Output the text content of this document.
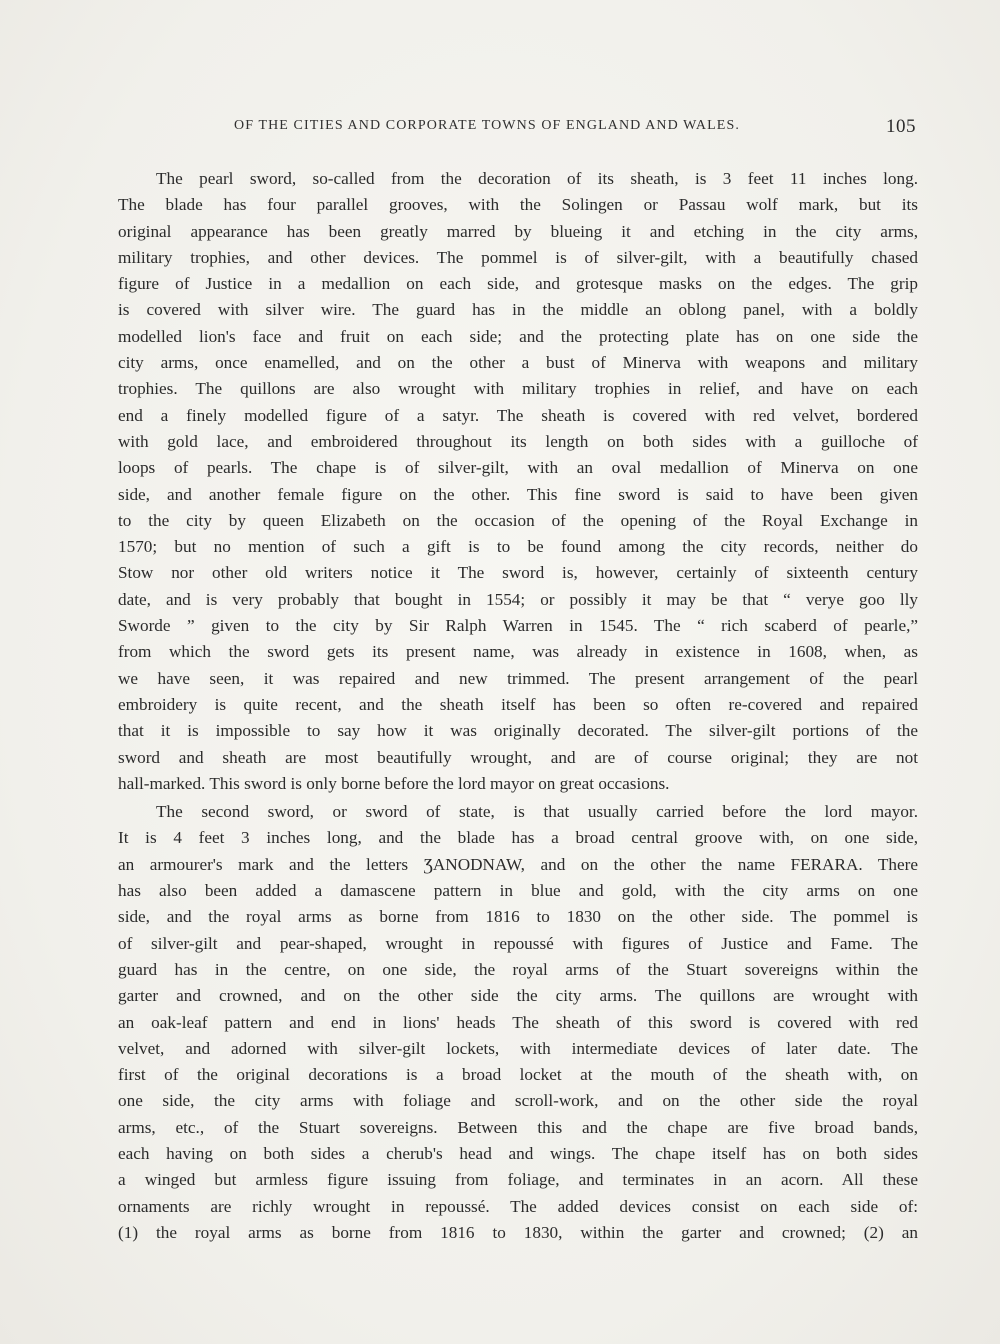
OF THE CITIES AND CORPORATE TOWNS OF ENGLAND AND WALES.	105
The pearl sword, so-called from the decoration of its sheath, is 3 feet 11 inches long.
The blade has four parallel grooves, with the Solingen or Passau wolf mark, but its
original appearance has been greatly marred by blueing it and etching in the city arms,
military trophies, and other devices. The pommel is of silver-gilt, with a beautifully chased
figure of Justice in a medallion on each side, and grotesque masks on the edges. The grip
is covered with silver wire. The guard has in the middle an oblong panel, with a boldly
modelled lion's face and fruit on each side; and the protecting plate has on one side the
city arms, once enamelled, and on the other a bust of Minerva with weapons and military
trophies. The quillons are also wrought with military trophies in relief, and have on each
end a finely modelled figure of a satyr. The sheath is covered with red velvet, bordered
with gold lace, and embroidered throughout its length on both sides with a guilloche of
loops of pearls. The chape is of silver-gilt, with an oval medallion of Minerva on one
side, and another female figure on the other. This fine sword is said to have been given
to the city by queen Elizabeth on the occasion of the opening of the Royal Exchange in
1570; but no mention of such a gift is to be found among the city records, neither do
Stow nor other old writers notice it The sword is, however, certainly of sixteenth century
date, and is very probably that bought in 1554; or possibly it may be that “ verye goo lly
Sworde ” given to the city by Sir Ralph Warren in 1545. The “ rich scaberd of pearle,”
from which the sword gets its present name, was already in existence in 1608, when, as
we have seen, it was repaired and new trimmed. The present arrangement of the pearl
embroidery is quite recent, and the sheath itself has been so often re-covered and repaired
that it is impossible to say how it was originally decorated. The silver-gilt portions of the
sword and sheath are most beautifully wrought, and are of course original; they are not
hall-marked. This sword is only borne before the lord mayor on great occasions.
The second sword, or sword of state, is that usually carried before the lord mayor.
It is 4 feet 3 inches long, and the blade has a broad central groove with, on one side,
an armourer's mark and the letters ƷANODNAW, and on the other the name FERARA. There
has also been added a damascene pattern in blue and gold, with the city arms on one
side, and the royal arms as borne from 1816 to 1830 on the other side. The pommel is
of silver-gilt and pear-shaped, wrought in repoussé with figures of Justice and Fame. The
guard has in the centre, on one side, the royal arms of the Stuart sovereigns within the
garter and crowned, and on the other side the city arms. The quillons are wrought with
an oak-leaf pattern and end in lions' heads The sheath of this sword is covered with red
velvet, and adorned with silver-gilt lockets, with intermediate devices of later date. The
first of the original decorations is a broad locket at the mouth of the sheath with, on
one side, the city arms with foliage and scroll-work, and on the other side the royal
arms, etc., of the Stuart sovereigns. Between this and the chape are five broad bands,
each having on both sides a cherub's head and wings. The chape itself has on both sides
a winged but armless figure issuing from foliage, and terminates in an acorn. All these
ornaments are richly wrought in repoussé. The added devices consist on each side of:
(1) the royal arms as borne from 1816 to 1830, within the garter and crowned; (2) an
